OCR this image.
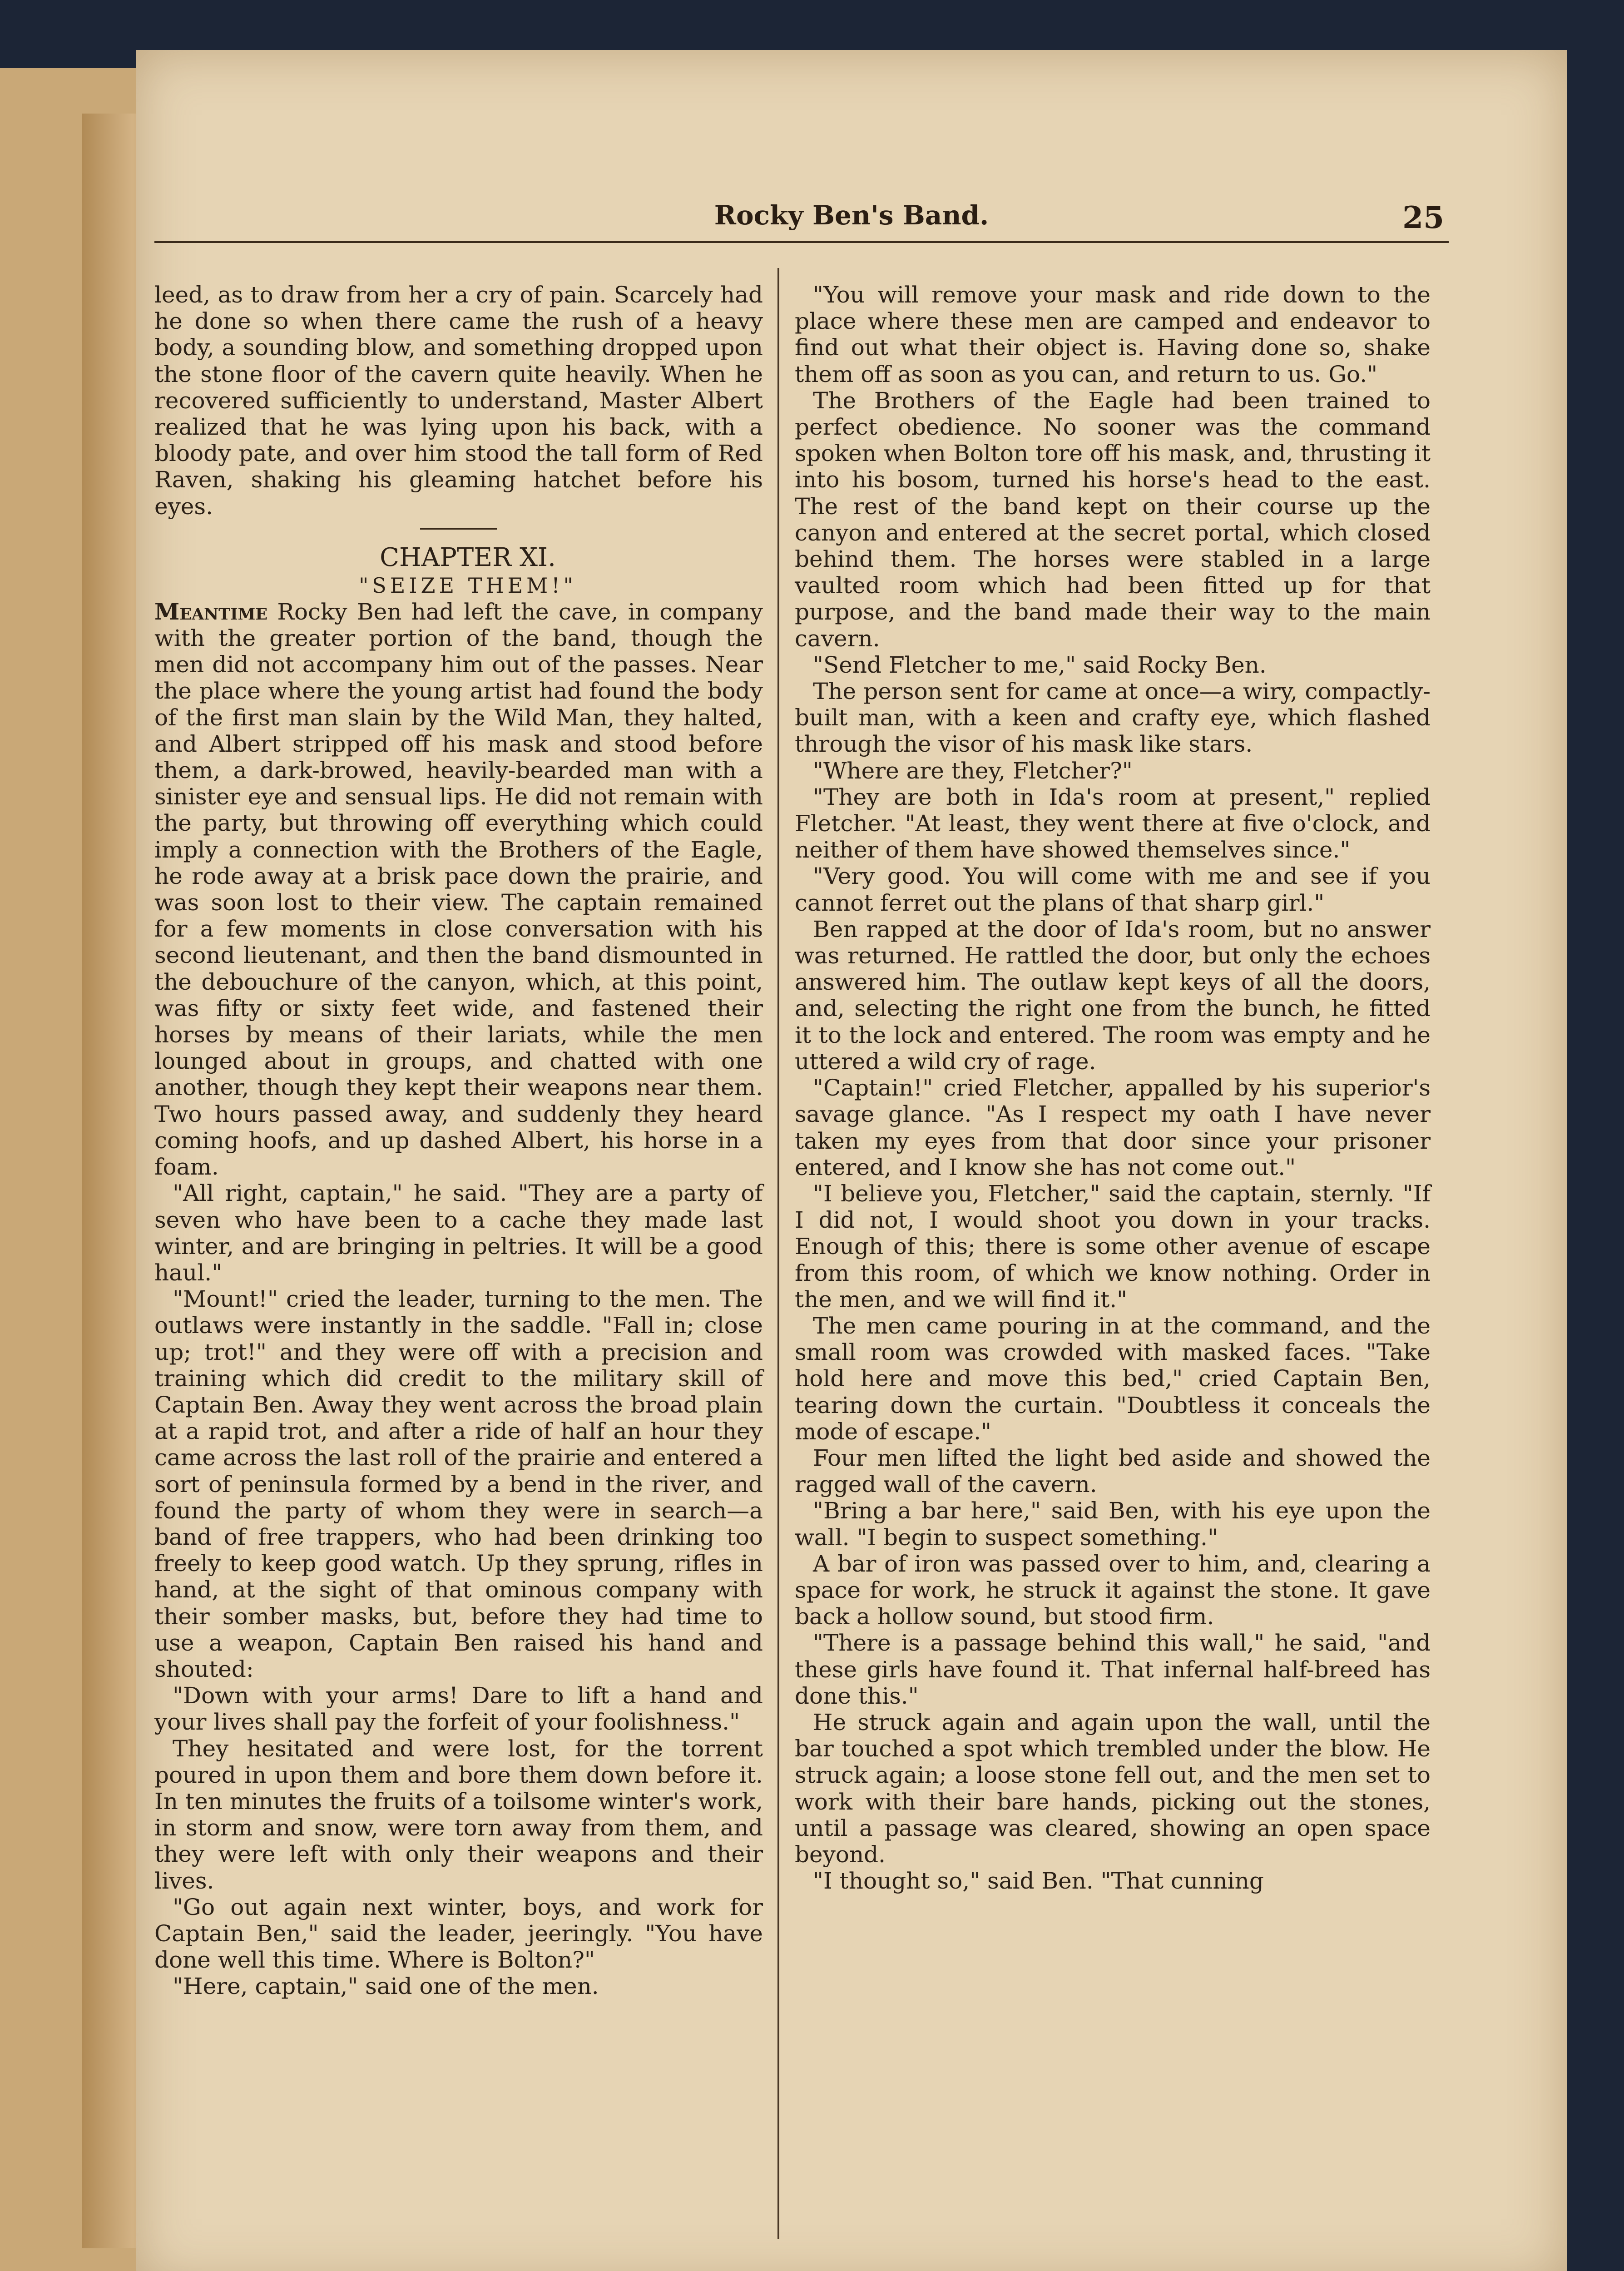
Rocky Ben's Band.	25

leed, as to draw from her a cry of pain. Scarcely had he done so when there came the rush of a heavy body, a sounding blow, and something dropped upon the stone floor of the cavern quite heavily. When he recovered sufficiently to understand, Master Albert realized that he was lying upon his back, with a bloody pate, and over him stood the tall form of Red Raven, shaking his gleaming hatchet before his eyes.

CHAPTER XI.

"SEIZE THEM!"

Meantime Rocky Ben had left the cave, in company with the greater portion of the band, though the men did not accompany him out of the passes. Near the place where the young artist had found the body of the first man slain by the Wild Man, they halted, and Albert stripped off his mask and stood before them, a dark-browed, heavily-bearded man with a sinister eye and sensual lips. He did not remain with the party, but throwing off everything which could imply a connection with the Brothers of the Eagle, he rode away at a brisk pace down the prairie, and was soon lost to their view. The captain remained for a few moments in close conversation with his second lieutenant, and then the band dismounted in the debouchure of the canyon, which, at this point, was fifty or sixty feet wide, and fastened their horses by means of their lariats, while the men lounged about in groups, and chatted with one another, though they kept their weapons near them. Two hours passed away, and suddenly they heard coming hoofs, and up dashed Albert, his horse in a foam.

"All right, captain," he said. "They are a party of seven who have been to a cache they made last winter, and are bringing in peltries. It will be a good haul."

"Mount!" cried the leader, turning to the men. The outlaws were instantly in the saddle. "Fall in; close up; trot!" and they were off with a precision and training which did credit to the military skill of Captain Ben. Away they went across the broad plain at a rapid trot, and after a ride of half an hour they came across the last roll of the prairie and entered a sort of peninsula formed by a bend in the river, and found the party of whom they were in search—a band of free trappers, who had been drinking too freely to keep good watch. Up they sprung, rifles in hand, at the sight of that ominous company with their somber masks, but, before they had time to use a weapon, Captain Ben raised his hand and shouted:

"Down with your arms! Dare to lift a hand and your lives shall pay the forfeit of your foolishness."

They hesitated and were lost, for the torrent poured in upon them and bore them down before it. In ten minutes the fruits of a toilsome winter's work, in storm and snow, were torn away from them, and they were left with only their weapons and their lives.

"Go out again next winter, boys, and work for Captain Ben," said the leader, jeeringly. "You have done well this time. Where is Bolton?"

"Here, captain," said one of the men.

"You will remove your mask and ride down to the place where these men are camped and endeavor to find out what their object is. Having done so, shake them off as soon as you can, and return to us. Go."

The Brothers of the Eagle had been trained to perfect obedience. No sooner was the command spoken when Bolton tore off his mask, and, thrusting it into his bosom, turned his horse's head to the east. The rest of the band kept on their course up the canyon and entered at the secret portal, which closed behind them. The horses were stabled in a large vaulted room which had been fitted up for that purpose, and the band made their way to the main cavern.

"Send Fletcher to me," said Rocky Ben.

The person sent for came at once—a wiry, compactly-built man, with a keen and crafty eye, which flashed through the visor of his mask like stars.

"Where are they, Fletcher?"

"They are both in Ida's room at present," replied Fletcher. "At least, they went there at five o'clock, and neither of them have showed themselves since."

"Very good. You will come with me and see if you cannot ferret out the plans of that sharp girl."

Ben rapped at the door of Ida's room, but no answer was returned. He rattled the door, but only the echoes answered him. The outlaw kept keys of all the doors, and, selecting the right one from the bunch, he fitted it to the lock and entered. The room was empty and he uttered a wild cry of rage.

"Captain!" cried Fletcher, appalled by his superior's savage glance. "As I respect my oath I have never taken my eyes from that door since your prisoner entered, and I know she has not come out."

"I believe you, Fletcher," said the captain, sternly. "If I did not, I would shoot you down in your tracks. Enough of this; there is some other avenue of escape from this room, of which we know nothing. Order in the men, and we will find it."

The men came pouring in at the command, and the small room was crowded with masked faces. "Take hold here and move this bed," cried Captain Ben, tearing down the curtain. "Doubtless it conceals the mode of escape."

Four men lifted the light bed aside and showed the ragged wall of the cavern.

"Bring a bar here," said Ben, with his eye upon the wall. "I begin to suspect something."

A bar of iron was passed over to him, and, clearing a space for work, he struck it against the stone. It gave back a hollow sound, but stood firm.

"There is a passage behind this wall," he said, "and these girls have found it. That infernal half-breed has done this."

He struck again and again upon the wall, until the bar touched a spot which trembled under the blow. He struck again; a loose stone fell out, and the men set to work with their bare hands, picking out the stones, until a passage was cleared, showing an open space beyond.

"I thought so," said Ben. "That cunning
